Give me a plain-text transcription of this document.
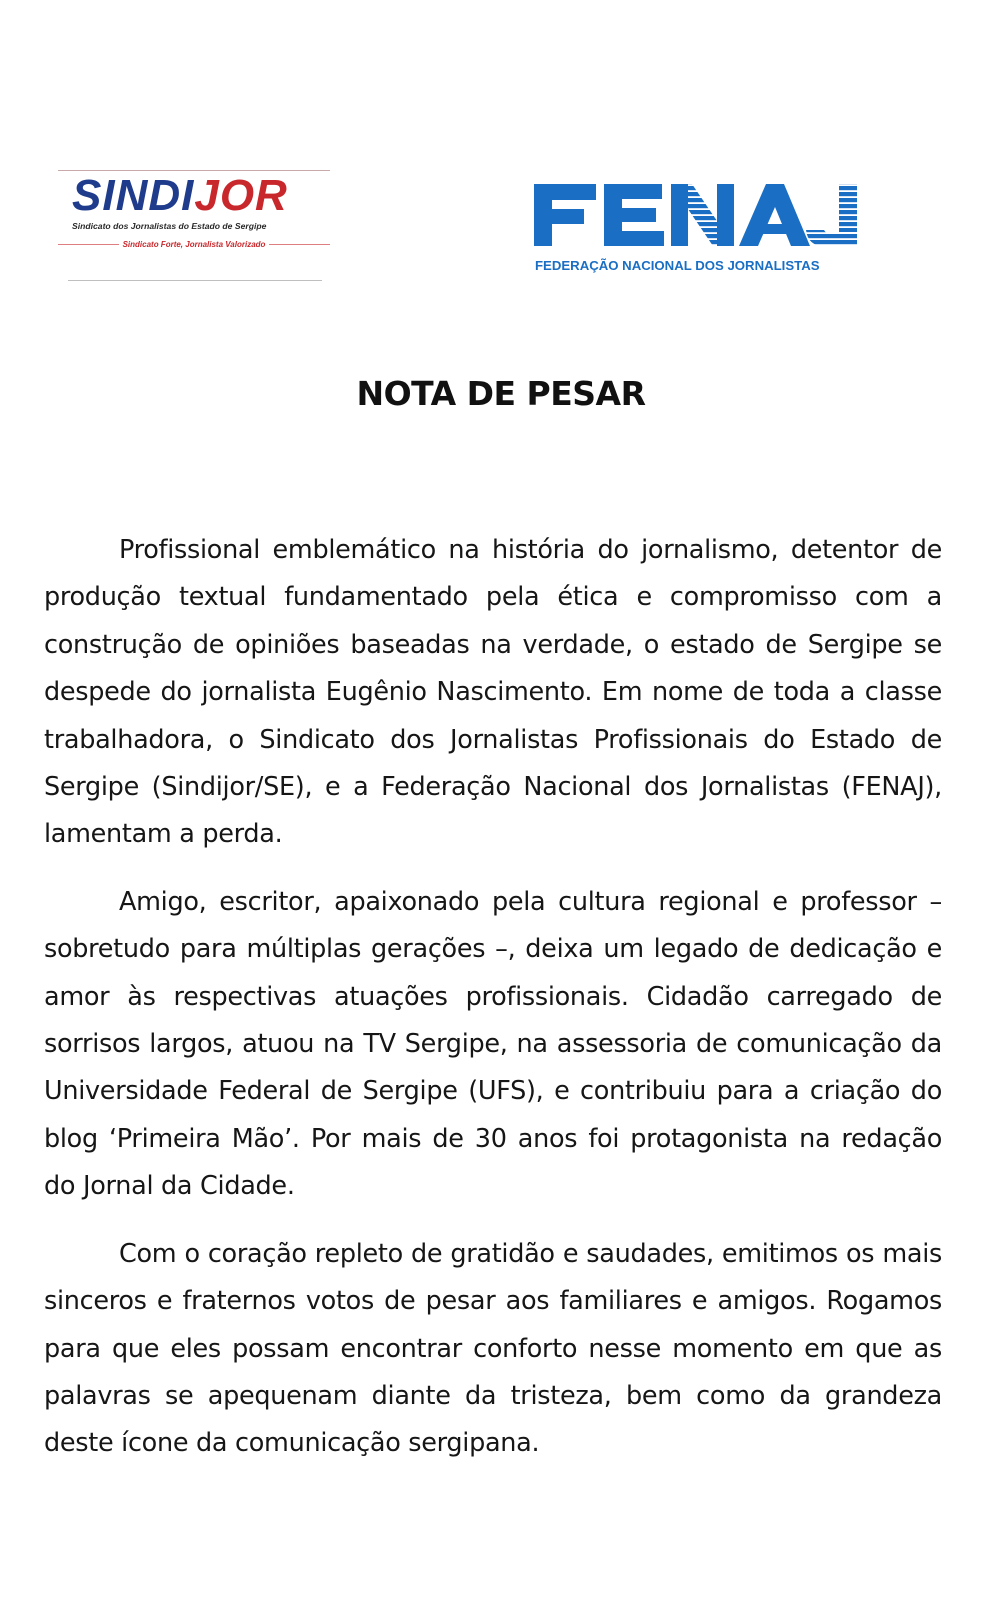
SINDIJOR
Sindicato dos Jornalistas do Estado de Sergipe
Sindicato Forte, Jornalista Valorizado
FEDERAÇÃO NACIONAL DOS JORNALISTAS
NOTA DE PESAR

Profissional emblemático na história do jornalismo, detentor de produção textual fundamentado pela ética e compromisso com a construção de opiniões baseadas na verdade, o estado de Sergipe se despede do jornalista Eugênio Nascimento. Em nome de toda a classe trabalhadora, o Sindicato dos Jornalistas Profissionais do Estado de Sergipe (Sindijor/SE), e a Federação Nacional dos Jornalistas (FENAJ), lamentam a perda.

Amigo, escritor, apaixonado pela cultura regional e professor – sobretudo para múltiplas gerações –, deixa um legado de dedicação e amor às respectivas atuações profissionais. Cidadão carregado de sorrisos largos, atuou na TV Sergipe, na assessoria de comunicação da Universidade Federal de Sergipe (UFS), e contribuiu para a criação do blog ‘Primeira Mão’. Por mais de 30 anos foi protagonista na redação do Jornal da Cidade.

Com o coração repleto de gratidão e saudades, emitimos os mais sinceros e fraternos votos de pesar aos familiares e amigos. Rogamos para que eles possam encontrar conforto nesse momento em que as palavras se apequenam diante da tristeza, bem como da grandeza deste ícone da comunicação sergipana.
